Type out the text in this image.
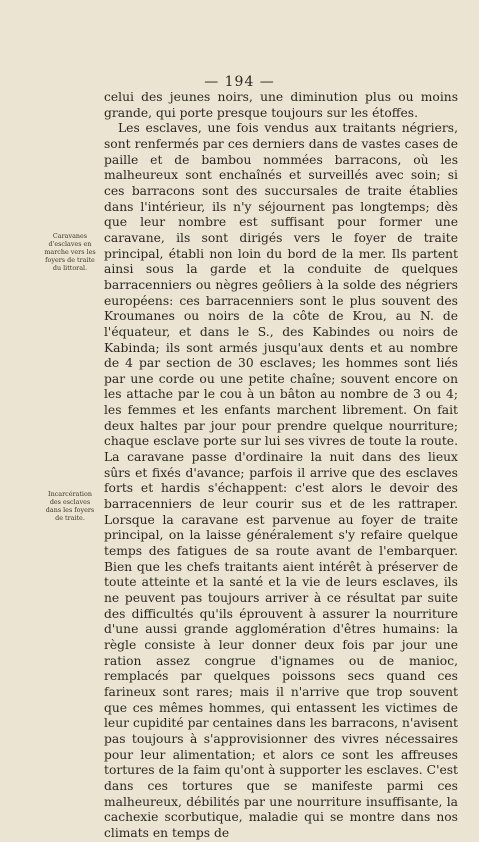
— 194 —
Caravanes d'esclaves en marche vers les foyers de traite du littoral.
Incarcération des esclaves dans les foyers de traite.

celui des jeunes noirs, une diminution plus ou moins grande, qui porte presque toujours sur les étoffes.

Les esclaves, une fois vendus aux traitants négriers, sont renfermés par ces derniers dans de vastes cases de paille et de bambou nommées barracons, où les malheureux sont enchaînés et surveillés avec soin; si ces barracons sont des succursales de traite établies dans l'intérieur, ils n'y séjournent pas longtemps; dès que leur nombre est suffisant pour former une caravane, ils sont dirigés vers le foyer de traite principal, établi non loin du bord de la mer. Ils partent ainsi sous la garde et la conduite de quelques barracenniers ou nègres geôliers à la solde des négriers européens: ces barracenniers sont le plus souvent des Kroumanes ou noirs de la côte de Krou, au N. de l'équateur, et dans le S., des Kabindes ou noirs de Kabinda; ils sont armés jusqu'aux dents et au nombre de 4 par section de 30 esclaves; les hommes sont liés par une corde ou une petite chaîne; souvent encore on les attache par le cou à un bâton au nombre de 3 ou 4; les femmes et les enfants marchent librement. On fait deux haltes par jour pour prendre quelque nourriture; chaque esclave porte sur lui ses vivres de toute la route. La caravane passe d'ordinaire la nuit dans des lieux sûrs et fixés d'avance; parfois il arrive que des esclaves forts et hardis s'échappent: c'est alors le devoir des barracenniers de leur courir sus et de les rattraper. Lorsque la caravane est parvenue au foyer de traite principal, on la laisse généralement s'y refaire quelque temps des fatigues de sa route avant de l'embarquer. Bien que les chefs traitants aient intérêt à préserver de toute atteinte et la santé et la vie de leurs esclaves, ils ne peuvent pas toujours arriver à ce résultat par suite des difficultés qu'ils éprouvent à assurer la nourriture d'une aussi grande agglomération d'êtres humains: la règle consiste à leur donner deux fois par jour une ration assez congrue d'ignames ou de manioc, remplacés par quelques poissons secs quand ces farineux sont rares; mais il n'arrive que trop souvent que ces mêmes hommes, qui entassent les victimes de leur cupidité par centaines dans les barracons, n'avisent pas toujours à s'approvisionner des vivres nécessaires pour leur alimentation; et alors ce sont les affreuses tortures de la faim qu'ont à supporter les esclaves. C'est dans ces tortures que se manifeste parmi ces malheureux, débilités par une nourriture insuffisante, la cachexie scorbutique, maladie qui se montre dans nos climats en temps de
